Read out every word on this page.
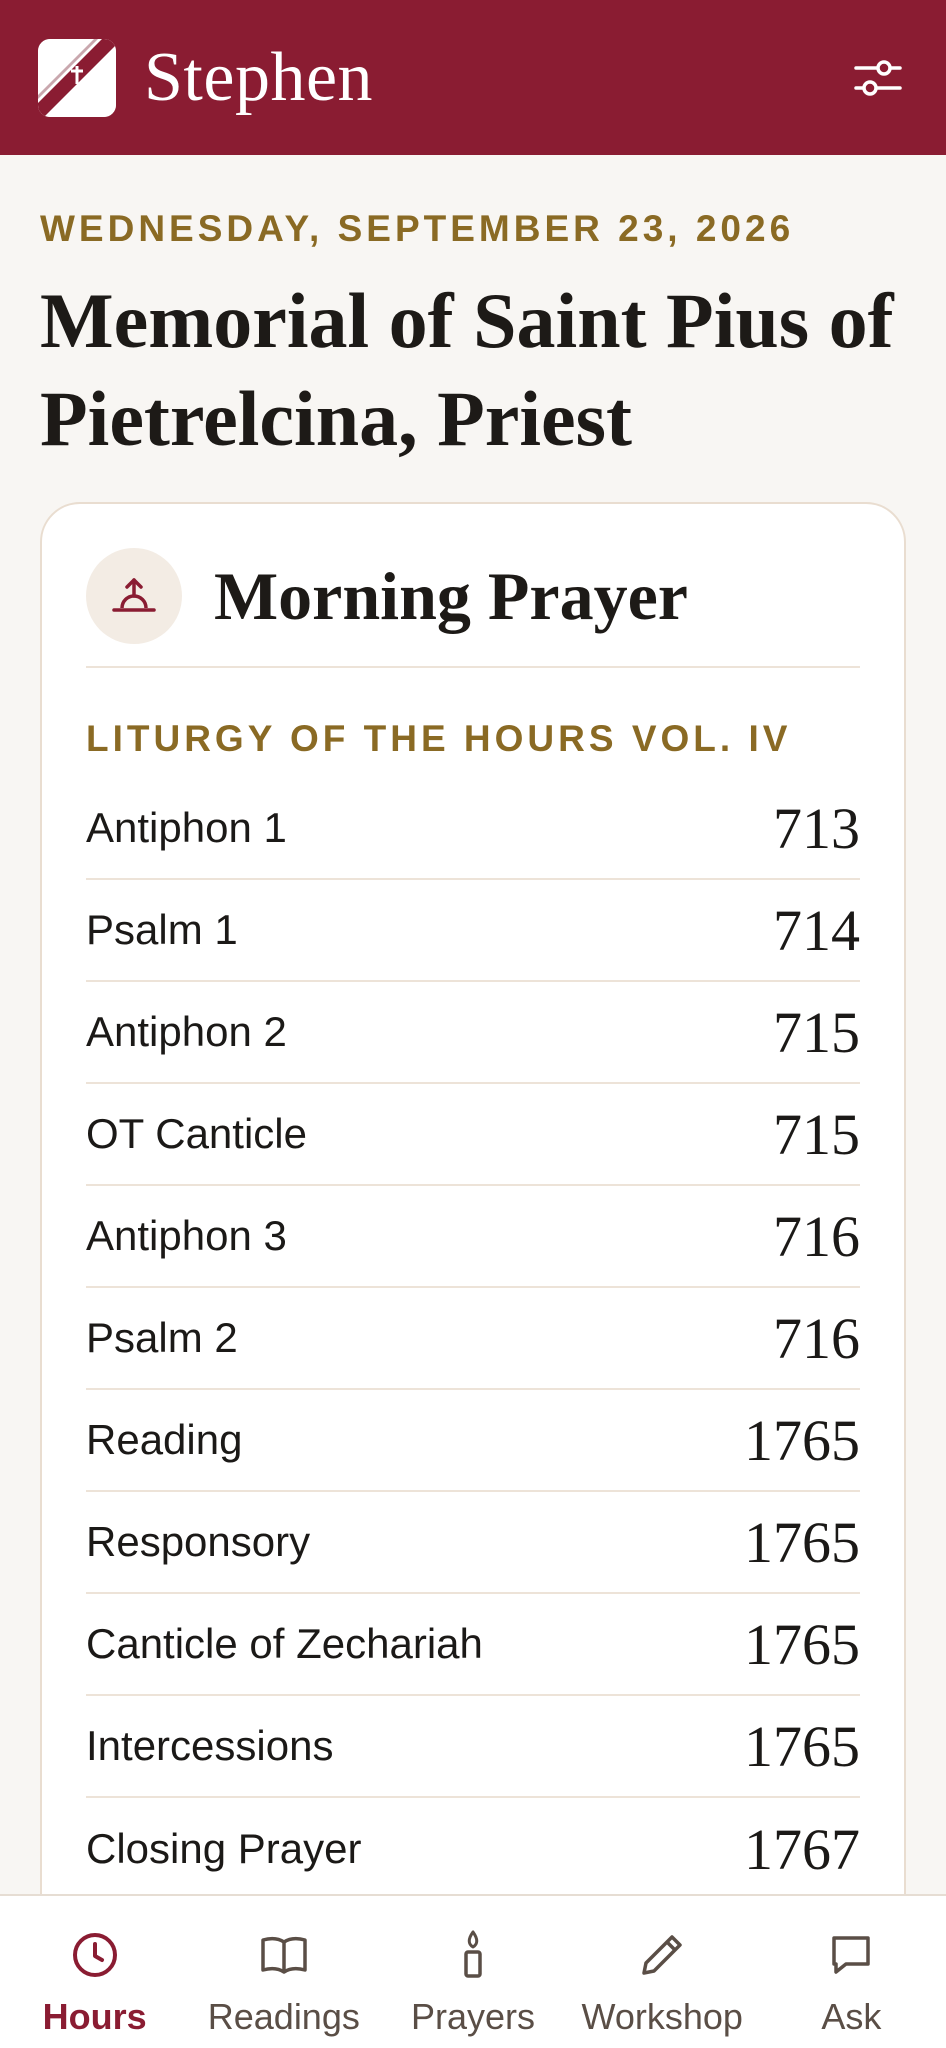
Stephen
WEDNESDAY, SEPTEMBER 23, 2026
Memorial of Saint Pius of Pietrelcina, Priest
Morning Prayer
LITURGY OF THE HOURS VOL. IV
Antiphon 1	713
Psalm 1	714
Antiphon 2	715
OT Canticle	715
Antiphon 3	716
Psalm 2	716
Reading	1765
Responsory	1765
Canticle of Zechariah	1765
Intercessions	1765
Closing Prayer	1767
Hours Readings Prayers Workshop Ask
